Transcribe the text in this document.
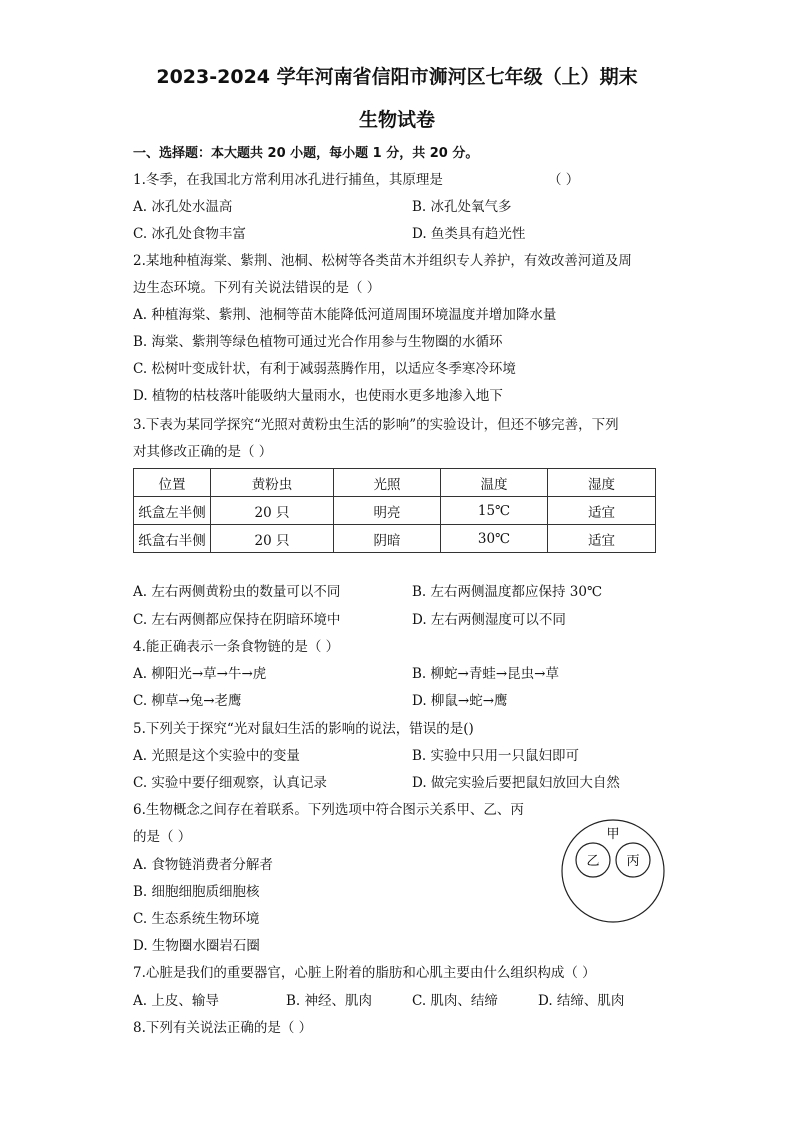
2023-2024 学年河南省信阳市浉河区七年级（上）期末
生物试卷
一、选择题：本大题共 20 小题，每小题 1 分，共 20 分。
1.冬季，在我国北方常利用冰孔进行捕鱼，其原理是	（ ）
A. 冰孔处水温高	B. 冰孔处氧气多
C. 冰孔处食物丰富	D. 鱼类具有趋光性
2.某地种植海棠、紫荆、池桐、松树等各类苗木并组织专人养护，有效改善河道及周
边生态环境。下列有关说法错误的是（ ）
A. 种植海棠、紫荆、池桐等苗木能降低河道周围环境温度并增加降水量
B. 海棠、紫荆等绿色植物可通过光合作用参与生物圈的水循环
C. 松树叶变成针状，有利于减弱蒸腾作用，以适应冬季寒冷环境
D. 植物的枯枝落叶能吸纳大量雨水，也使雨水更多地渗入地下
3.下表为某同学探究“光照对黄粉虫生活的影响”的实验设计，但还不够完善，下列
对其修改正确的是（ ）
位置	黄粉虫	光照	温度	湿度
纸盒左半侧	20 只	明亮	15℃	适宜
纸盒右半侧	20 只	阴暗	30℃	适宜
A. 左右两侧黄粉虫的数量可以不同	B. 左右两侧温度都应保持 30℃
C. 左右两侧都应保持在阴暗环境中	D. 左右两侧湿度可以不同
4.能正确表示一条食物链的是（ ）
A. 柳阳光→草→牛→虎	B. 柳蛇→青蛙→昆虫→草
C. 柳草→兔→老鹰	D. 柳鼠→蛇→鹰
5.下列关于探究“光对鼠妇生活的影响的说法，错误的是()
A. 光照是这个实验中的变量	B. 实验中只用一只鼠妇即可
C. 实验中要仔细观察，认真记录	D. 做完实验后要把鼠妇放回大自然
6.生物概念之间存在着联系。下列选项中符合图示关系甲、乙、丙
的是（ ）
A. 食物链消费者分解者
B. 细胞细胞质细胞核
C. 生态系统生物环境
D. 生物圈水圈岩石圈
甲
乙 丙
7.心脏是我们的重要器官，心脏上附着的脂肪和心肌主要由什么组织构成（ ）
A. 上皮、输导	B. 神经、肌肉	C. 肌肉、结缔	D. 结缔、肌肉
8.下列有关说法正确的是（ ）
